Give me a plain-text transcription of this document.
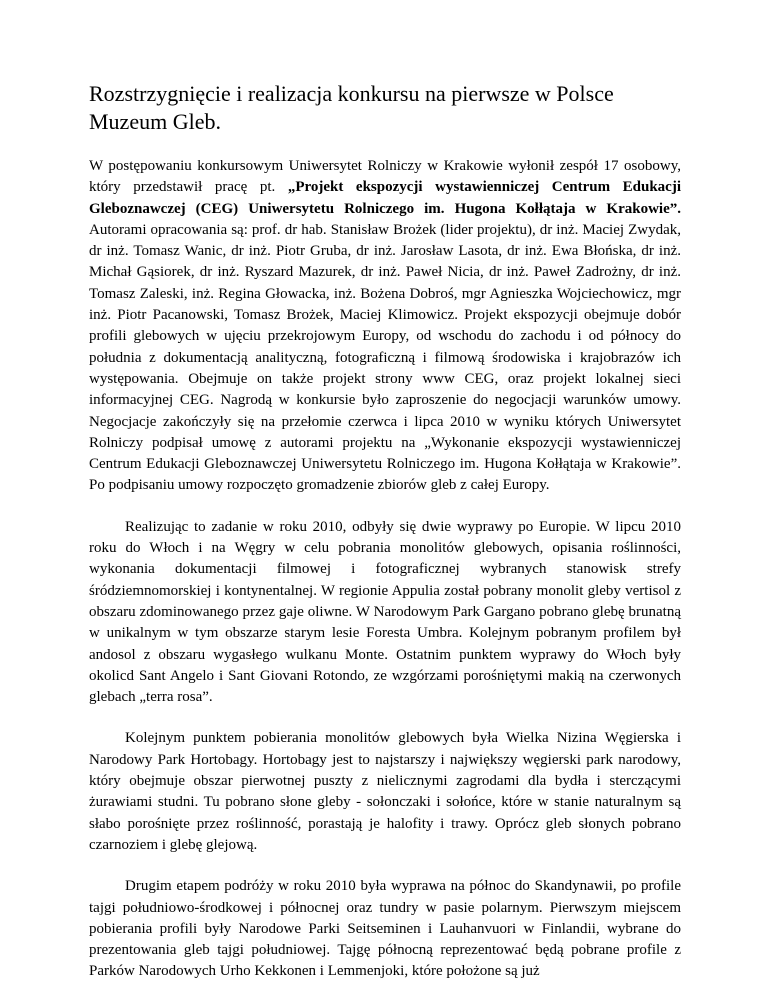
Rozstrzygnięcie i realizacja konkursu na pierwsze w Polsce Muzeum Gleb.

W postępowaniu konkursowym Uniwersytet Rolniczy w Krakowie wyłonił zespół 17 osobowy, który przedstawił pracę pt. „Projekt ekspozycji wystawienniczej Centrum Edukacji Gleboznawczej (CEG) Uniwersytetu Rolniczego im. Hugona Kołłątaja w Krakowie”. Autorami opracowania są: prof. dr hab. Stanisław Brożek (lider projektu), dr inż. Maciej Zwydak, dr inż. Tomasz Wanic, dr inż. Piotr Gruba, dr inż. Jarosław Lasota, dr inż. Ewa Błońska, dr inż. Michał Gąsiorek, dr inż. Ryszard Mazurek, dr inż. Paweł Nicia, dr inż. Paweł Zadrożny, dr inż. Tomasz Zaleski, inż. Regina Głowacka, inż. Bożena Dobroś, mgr Agnieszka Wojciechowicz, mgr inż. Piotr Pacanowski, Tomasz Brożek, Maciej Klimowicz. Projekt ekspozycji obejmuje dobór profili glebowych w ujęciu przekrojowym Europy, od wschodu do zachodu i od północy do południa z dokumentacją analityczną, fotograficzną i filmową środowiska i krajobrazów ich występowania. Obejmuje on także projekt strony www CEG, oraz projekt lokalnej sieci informacyjnej CEG. Nagrodą w konkursie było zaproszenie do negocjacji warunków umowy. Negocjacje zakończyły się na przełomie czerwca i lipca 2010 w wyniku których Uniwersytet Rolniczy podpisał umowę z autorami projektu na „Wykonanie ekspozycji wystawienniczej Centrum Edukacji Gleboznawczej Uniwersytetu Rolniczego im. Hugona Kołłątaja w Krakowie”. Po podpisaniu umowy rozpoczęto gromadzenie zbiorów gleb z całej Europy.

Realizując to zadanie w roku 2010, odbyły się dwie wyprawy po Europie. W lipcu 2010 roku do Włoch i na Węgry w celu pobrania monolitów glebowych, opisania roślinności, wykonania dokumentacji filmowej i fotograficznej wybranych stanowisk strefy śródziemnomorskiej i kontynentalnej. W regionie Appulia został pobrany monolit gleby vertisol z obszaru zdominowanego przez gaje oliwne. W Narodowym Park Gargano pobrano glebę brunatną w unikalnym w tym obszarze starym lesie Foresta Umbra. Kolejnym pobranym profilem był andosol z obszaru wygasłego wulkanu Monte. Ostatnim punktem wyprawy do Włoch były okolicd Sant Angelo i Sant Giovani Rotondo, ze wzgórzami porośniętymi makią na czerwonych glebach „terra rosa”.

Kolejnym punktem pobierania monolitów glebowych była Wielka Nizina Węgierska i Narodowy Park Hortobagy. Hortobagy jest to najstarszy i największy węgierski park narodowy, który obejmuje obszar pierwotnej puszty z nielicznymi zagrodami dla bydła i sterczącymi żurawiami studni. Tu pobrano słone gleby - sołonczaki i sołońce, które w stanie naturalnym są słabo porośnięte przez roślinność, porastają je halofity i trawy. Oprócz gleb słonych pobrano czarnoziem i glebę glejową.

Drugim etapem podróży w roku 2010 była wyprawa na północ do Skandynawii, po profile tajgi południowo-środkowej i północnej oraz tundry w pasie polarnym. Pierwszym miejscem pobierania profili były Narodowe Parki Seitseminen i Lauhanvuori w Finlandii, wybrane do prezentowania gleb tajgi południowej. Tajgę północną reprezentować będą pobrane profile z Parków Narodowych Urho Kekkonen i Lemmenjoki, które położone są już
